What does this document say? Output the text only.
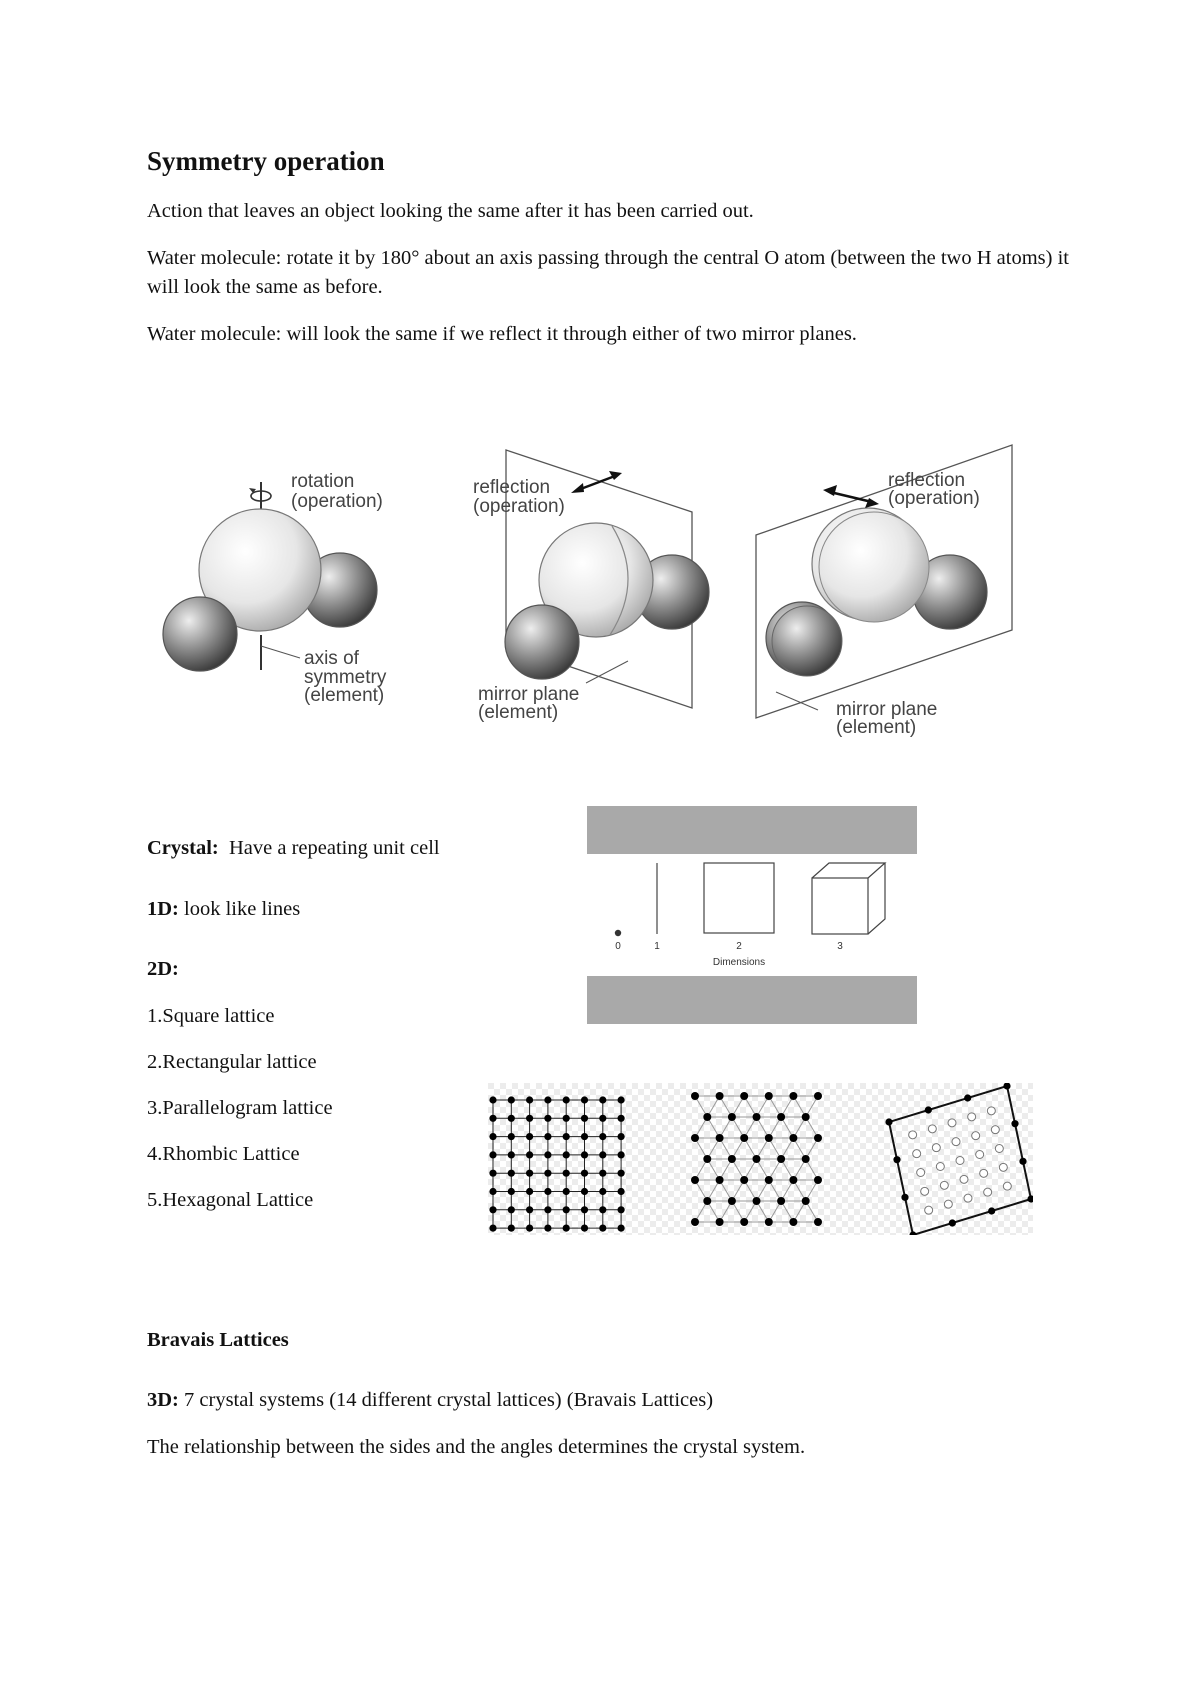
Symmetry operation

Action that leaves an object looking the same after it has been carried out.

Water molecule: rotate it by 180° about an axis passing through the central O atom (between the two H atoms) it will look the same as before.

Water molecule: will look the same if we reflect it through either of two mirror planes.

rotation
(operation)
axis of
symmetry
(element)
reflection
(operation)
mirror plane
(element)
reflection
(operation)
mirror plane
(element)

Crystal: Have a repeating unit cell

1D: look like lines

2D:

1.Square lattice

2.Rectangular lattice

3.Parallelogram lattice

4.Rhombic Lattice

5.Hexagonal Lattice

0	1	2	3
Dimensions

Bravais Lattices

3D: 7 crystal systems (14 different crystal lattices) (Bravais Lattices)

The relationship between the sides and the angles determines the crystal system.
